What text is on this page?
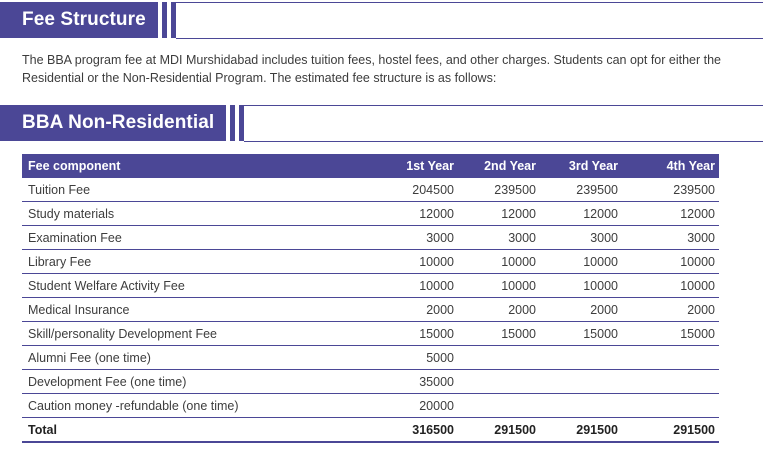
Fee Structure

The BBA program fee at MDI Murshidabad includes tuition fees, hostel fees, and other charges. Students can opt for either the Residential or the Non-Residential Program. The estimated fee structure is as follows:

BBA Non-Residential
Fee component	1st Year	2nd Year	3rd Year	4th Year
Tuition Fee	204500	239500	239500	239500
Study materials	12000	12000	12000	12000
Examination Fee	3000	3000	3000	3000
Library Fee	10000	10000	10000	10000
Student Welfare Activity Fee	10000	10000	10000	10000
Medical Insurance	2000	2000	2000	2000
Skill/personality Development Fee	15000	15000	15000	15000
Alumni Fee (one time)	5000			
Development Fee (one time)	35000			
Caution money -refundable (one time)	20000			
Total	316500	291500	291500	291500
